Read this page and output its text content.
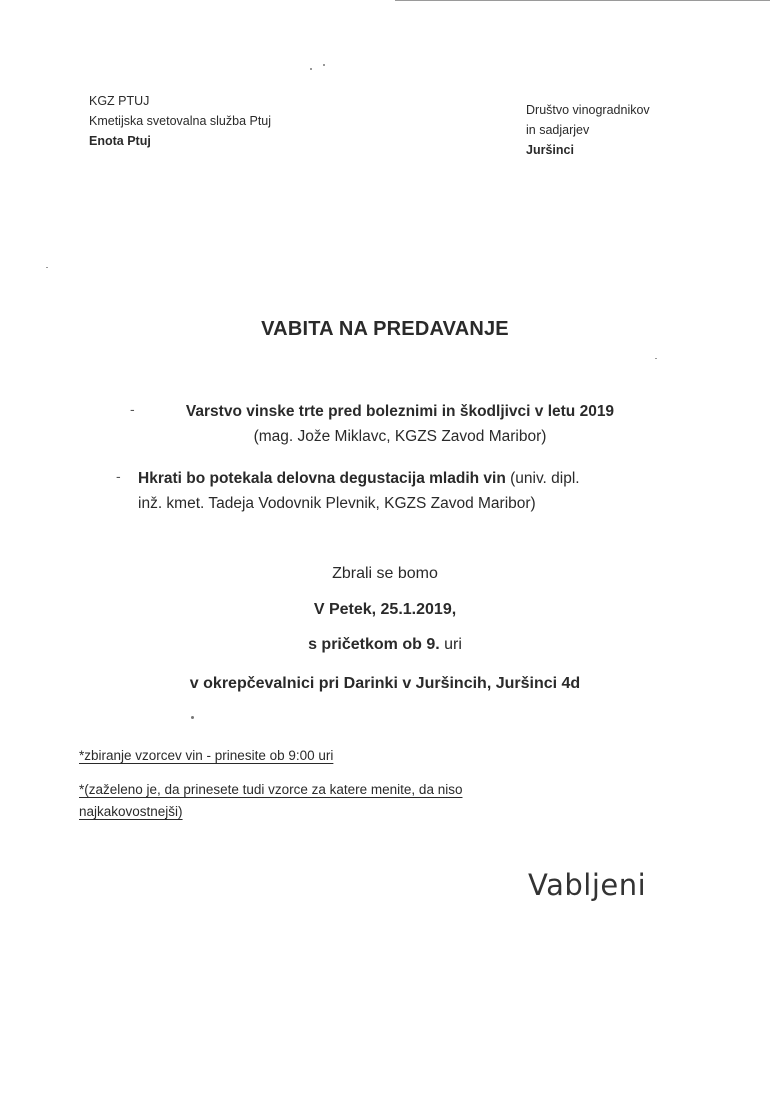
KGZ PTUJ
Kmetijska svetovalna služba Ptuj
Enota Ptuj
Društvo vinogradnikov
in sadjarjev
Juršinci
VABITA NA PREDAVANJE
-	Varstvo vinske trte pred boleznimi in škodljivci v letu 2019
(mag. Jože Miklavc, KGZS Zavod Maribor)
- Hkrati bo potekala delovna degustacija mladih vin (univ. dipl.
inž. kmet. Tadeja Vodovnik Plevnik, KGZS Zavod Maribor)
Zbrali se bomo
V Petek, 25.1.2019,
s pričetkom ob 9. uri
v okrepčevalnici pri Darinki v Juršincih, Juršinci 4d
*zbiranje vzorcev vin - prinesite ob 9:00 uri
*(zaželeno je, da prinesete tudi vzorce za katere menite, da niso
najkakovostnejši)
Vabljeni
